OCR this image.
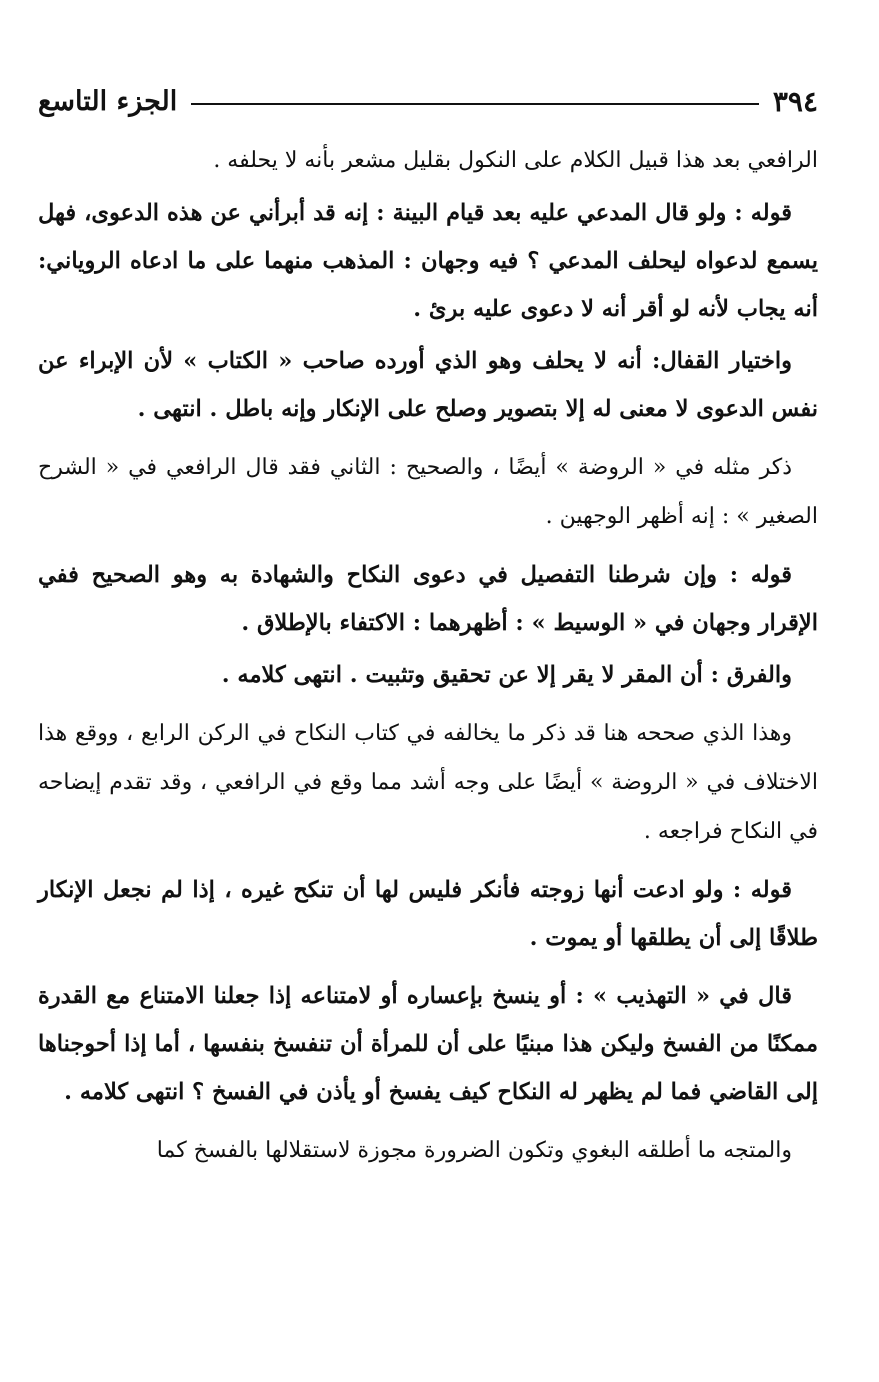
٣٩٤
الجزء التاسع

الرافعي بعد هذا قبيل الكلام على النكول بقليل مشعر بأنه لا يحلفه .

قوله : ولو قال المدعي عليه بعد قيام البينة : إنه قد أبرأني عن هذه الدعوى، فهل يسمع لدعواه ليحلف المدعي ؟ فيه وجهان : المذهب منهما على ما ادعاه الروياني: أنه يجاب لأنه لو أقر أنه لا دعوى عليه برئ .

واختيار القفال: أنه لا يحلف وهو الذي أورده صاحب « الكتاب » لأن الإبراء عن نفس الدعوى لا معنى له إلا بتصوير وصلح على الإنكار وإنه باطل . انتهى .

ذكر مثله في « الروضة » أيضًا ، والصحيح : الثاني فقد قال الرافعي في « الشرح الصغير » : إنه أظهر الوجهين .

قوله : وإن شرطنا التفصيل في دعوى النكاح والشهادة به وهو الصحيح ففي الإقرار وجهان في « الوسيط » : أظهرهما : الاكتفاء بالإطلاق .

والفرق : أن المقر لا يقر إلا عن تحقيق وتثبيت . انتهى كلامه .

وهذا الذي صححه هنا قد ذكر ما يخالفه في كتاب النكاح في الركن الرابع ، ووقع هذا الاختلاف في « الروضة » أيضًا على وجه أشد مما وقع في الرافعي ، وقد تقدم إيضاحه في النكاح فراجعه .

قوله : ولو ادعت أنها زوجته فأنكر فليس لها أن تنكح غيره ، إذا لم نجعل الإنكار طلاقًا إلى أن يطلقها أو يموت .

قال في « التهذيب » : أو ينسخ بإعساره أو لامتناعه إذا جعلنا الامتناع مع القدرة ممكنًا من الفسخ وليكن هذا مبنيًا على أن للمرأة أن تنفسخ بنفسها ، أما إذا أحوجناها إلى القاضي فما لم يظهر له النكاح كيف يفسخ أو يأذن في الفسخ ؟ انتهى كلامه .

والمتجه ما أطلقه البغوي وتكون الضرورة مجوزة لاستقلالها بالفسخ كما
